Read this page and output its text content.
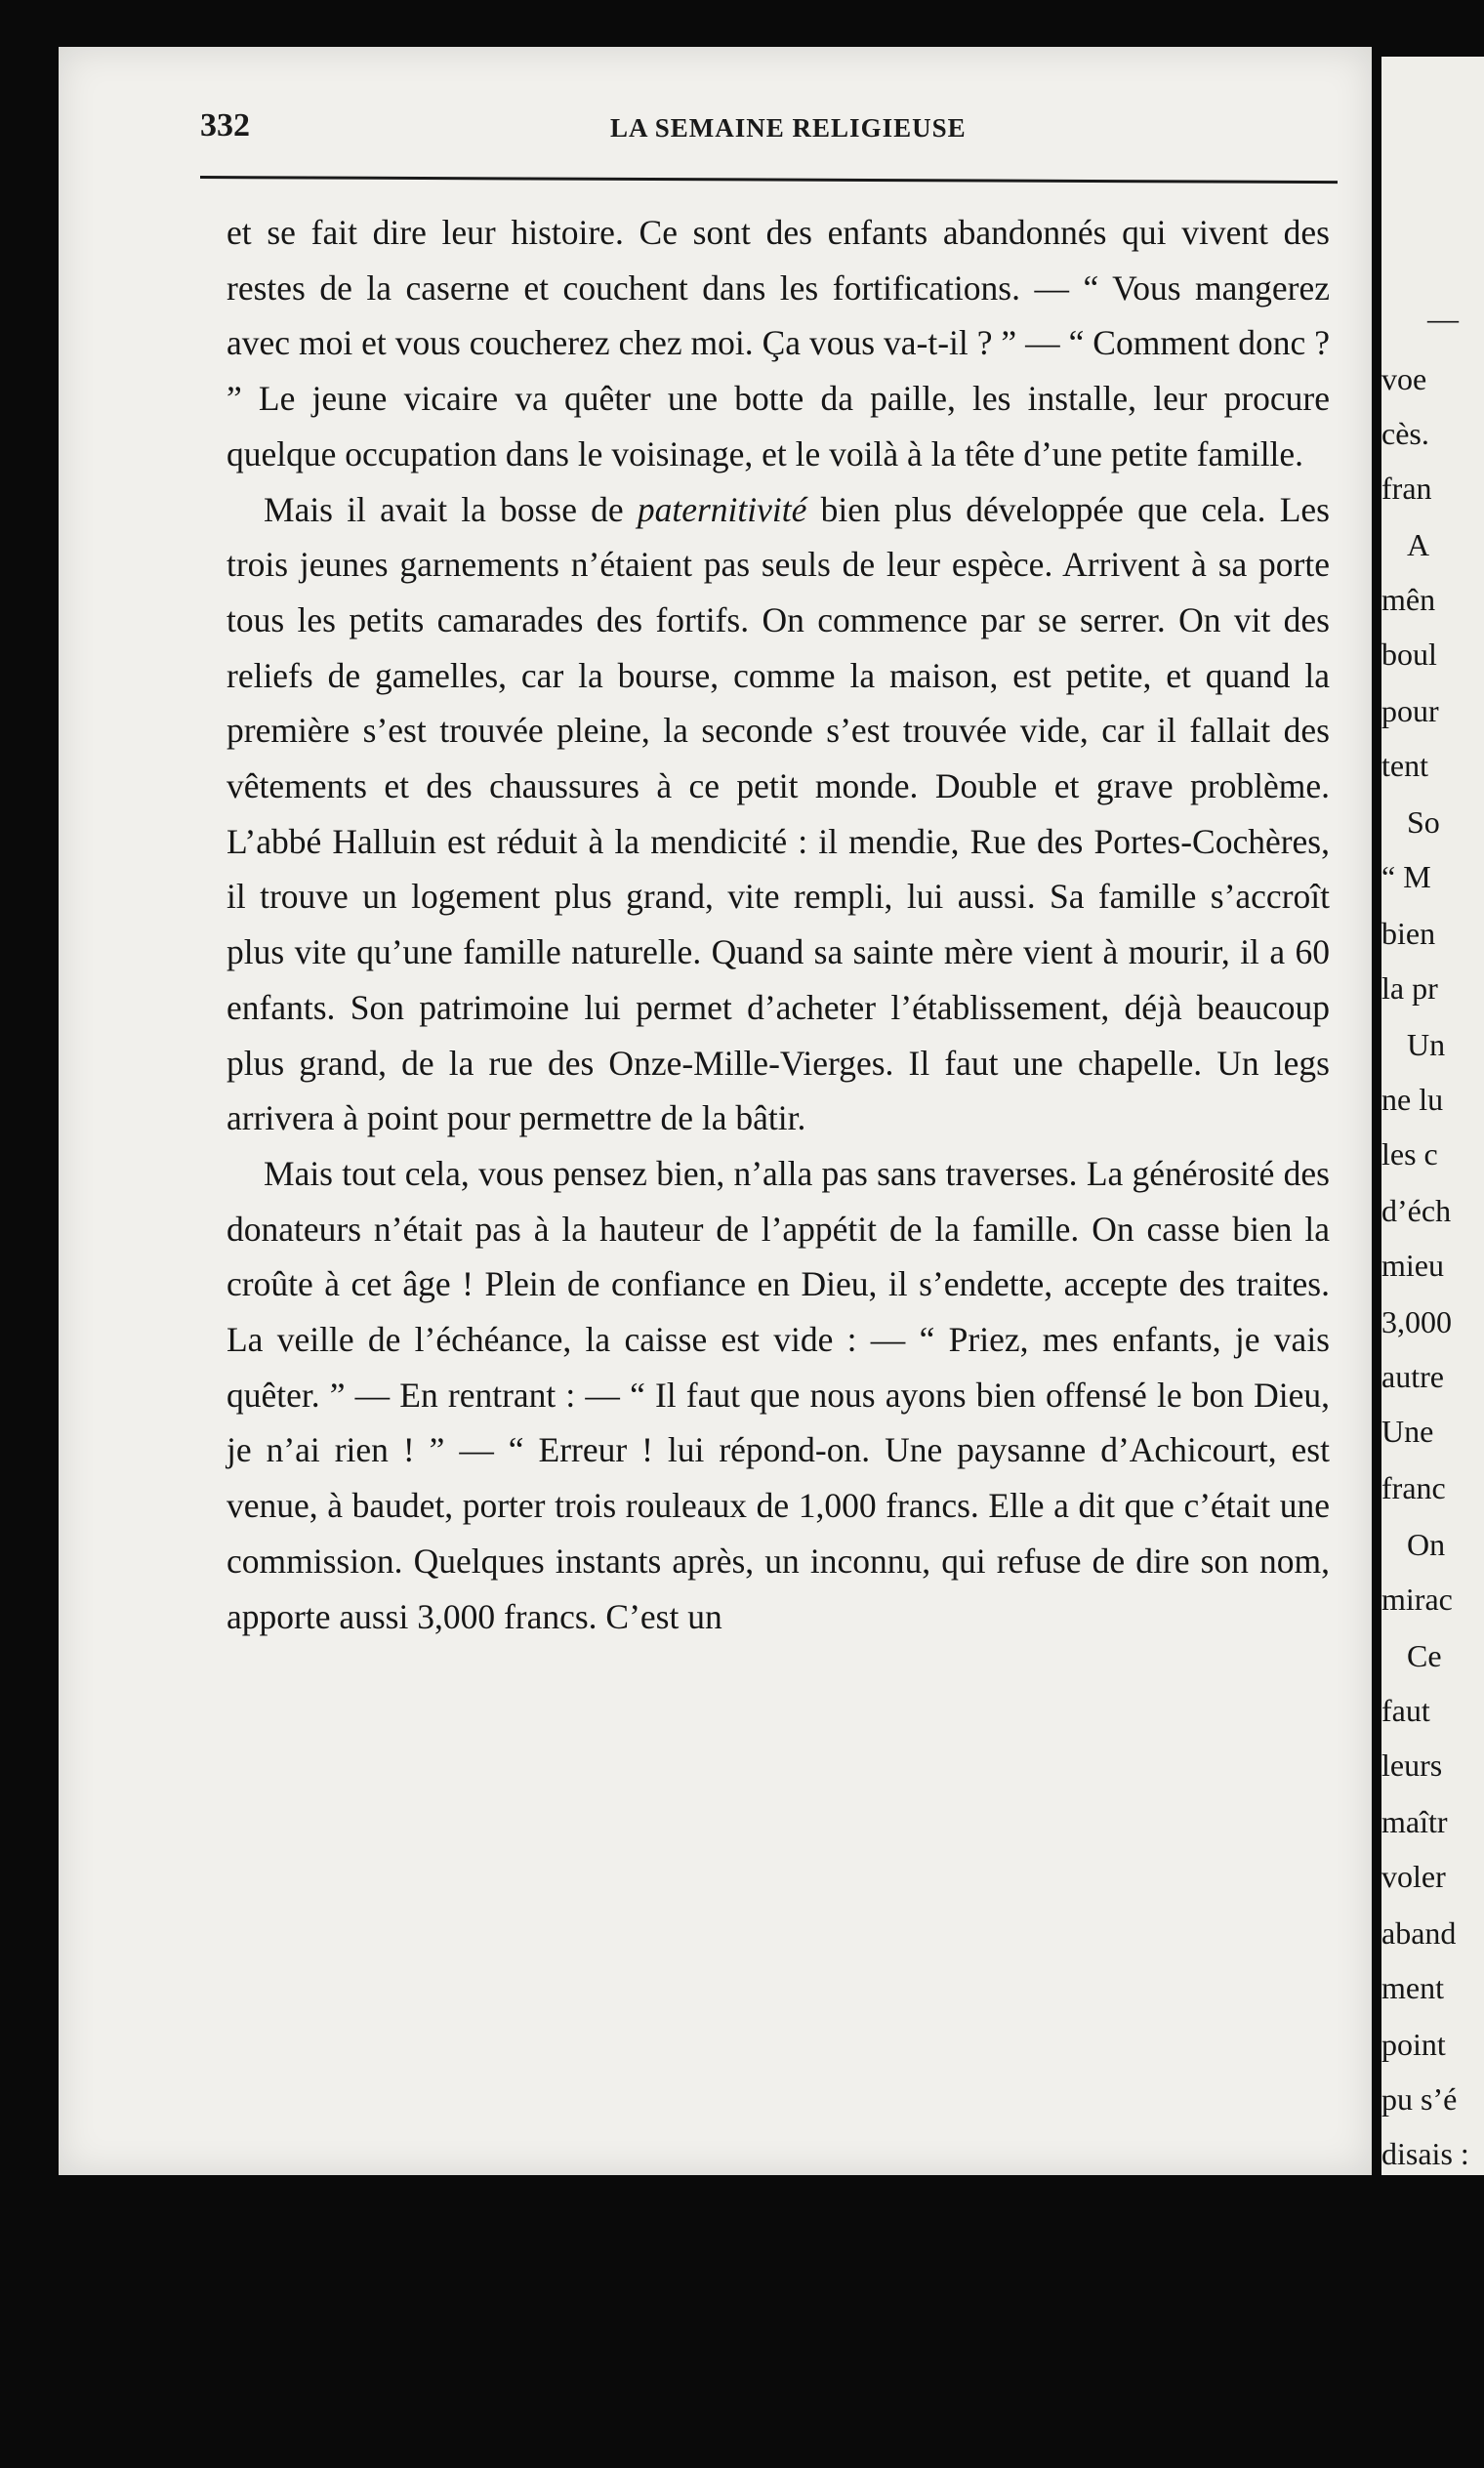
332	LA SEMAINE RELIGIEUSE

et se fait dire leur histoire. Ce sont des enfants abandonnés qui vivent des restes de la caserne et couchent dans les fortifications. — “ Vous mangerez avec moi et vous coucherez chez moi. Ça vous va-t-il ? ” — “ Comment donc ? ” Le jeune vicaire va quêter une botte da paille, les installe, leur procure quelque occupation dans le voisinage, et le voilà à la tête d’une petite famille.

Mais il avait la bosse de paternitivité bien plus développée que cela. Les trois jeunes garnements n’étaient pas seuls de leur espèce. Arrivent à sa porte tous les petits camarades des fortifs. On commence par se serrer. On vit des reliefs de gamelles, car la bourse, comme la maison, est petite, et quand la première s’est trouvée pleine, la seconde s’est trouvée vide, car il fallait des vêtements et des chaussures à ce petit monde. Double et grave problème. L’abbé Halluin est réduit à la mendicité : il mendie, Rue des Portes-Cochères, il trouve un logement plus grand, vite rempli, lui aussi. Sa famille s’accroît plus vite qu’une famille naturelle. Quand sa sainte mère vient à mourir, il a 60 enfants. Son patrimoine lui permet d’acheter l’établissement, déjà beaucoup plus grand, de la rue des Onze-Mille-Vierges. Il faut une chapelle. Un legs arrivera à point pour permettre de la bâtir.

Mais tout cela, vous pensez bien, n’alla pas sans traverses. La générosité des donateurs n’était pas à la hauteur de l’appétit de la famille. On casse bien la croûte à cet âge ! Plein de confiance en Dieu, il s’endette, accepte des traites. La veille de l’échéance, la caisse est vide : — “ Priez, mes enfants, je vais quêter. ” — En rentrant : — “ Il faut que nous ayons bien offensé le bon Dieu, je n’ai rien ! ” — “ Erreur ! lui répond-on. Une paysanne d’Achicourt, est venue, à baudet, porter trois rouleaux de 1,000 francs. Elle a dit que c’était une commission. Quelques instants après, un inconnu, qui refuse de dire son nom, apporte aussi 3,000 francs. C’est un

—
voe
cès.
fran
A
mên
boul
pour
tent
So
“ M
bien
la pr
Un
ne lu
les c
d’éch
mieu
3,000
autre
Une
franc
On
mirac
Ce
faut
leurs
maîtr
voler
aband
ment
point
pu s’é
disais :
